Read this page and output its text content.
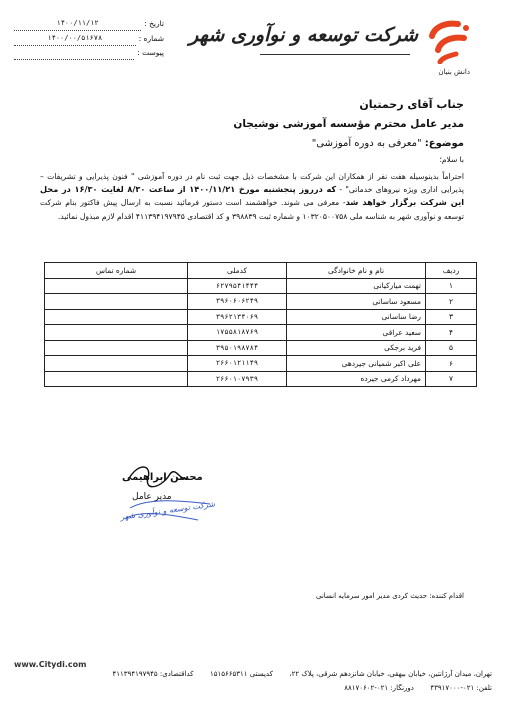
تاریخ :
۱۴۰۰/۱۱/۱۲
شماره :
۱۴۰۰/۰۰/۵۱۶۷۸
پیوست :
شرکت توسعه و نوآوری شهر
دانش بنیان
جناب آقای رحمتیان
مدیر عامل محترم مؤسسه آموزشی نوشیجان
موضوع: "معرفی به دوره آموزشی"
با سلام؛
احتراماً بدینوسیله هفت نفر از همکاران این شرکت با مشخصات ذیل جهت ثبت نام در دوره آموزشی " فنون پذیرایی و تشریفات – پذیرایی اداری ویژه نیروهای خدماتی" - که درروز پنجشنبه مورخ ۱۴۰۰/۱۱/۲۱ از ساعت ۸/۳۰ لغایت ۱۶/۳۰ در محل این شرکت برگزار خواهد شد- معرفی می شوند. خواهشمند است دستور فرمائید نسبت به ارسال پیش فاکتور بنام شرکت توسعه و نوآوری شهر به شناسه ملی ۱۰۳۲۰۵۰۰۷۵۸ و شماره ثبت ۳۹۸۸۳۹ و کد اقتصادی ۴۱۱۳۹۴۱۹۷۹۴۵ اقدام لازم مبذول نمائید.
ردیف	نام و نام خانوادگی	کدملی	شماره تماس
۱	تهمت میارکیانی	۶۲۷۹۵۴۱۴۴۴	
۲	مسعود ساسانی	۳۹۶۰۶۰۶۲۴۹	
۳	رضا ساسانی	۳۹۶۲۱۳۴۰۶۹	
۴	سعید عراقی	۱۷۵۵۸۱۸۷۶۹	
۵	فرید برجکی	۳۹۵۰۱۹۸۷۸۴	
۶	علی اکبر شمیانی جیردهی	۲۶۶۰۱۲۱۱۴۹	
۷	مهرداد کرمی جیرده	۲۶۶۰۱۰۷۹۳۹	
محسن ابراهیمی
مدیر عامل
شرکت توسعه و نوآوری شهر
اقدام کننده: حدیث کردی مدیر امور سرمایه انسانی
www.Citydi.com
تهران، میدان آرژانتین، خیابان بیهقی، خیابان شانزدهم شرقی، پلاک ۲۲،  کدپستی ۱۵۱۵۶۶۵۳۱۱  کداقتصادی: ۴۱۱۳۹۴۱۹۷۹۴۵
تلفن: ۰۲۱-۴۳۹۱۷۰۰۰  دورنگار: ۰۲۱-۸۸۱۷۰۶۰۲
